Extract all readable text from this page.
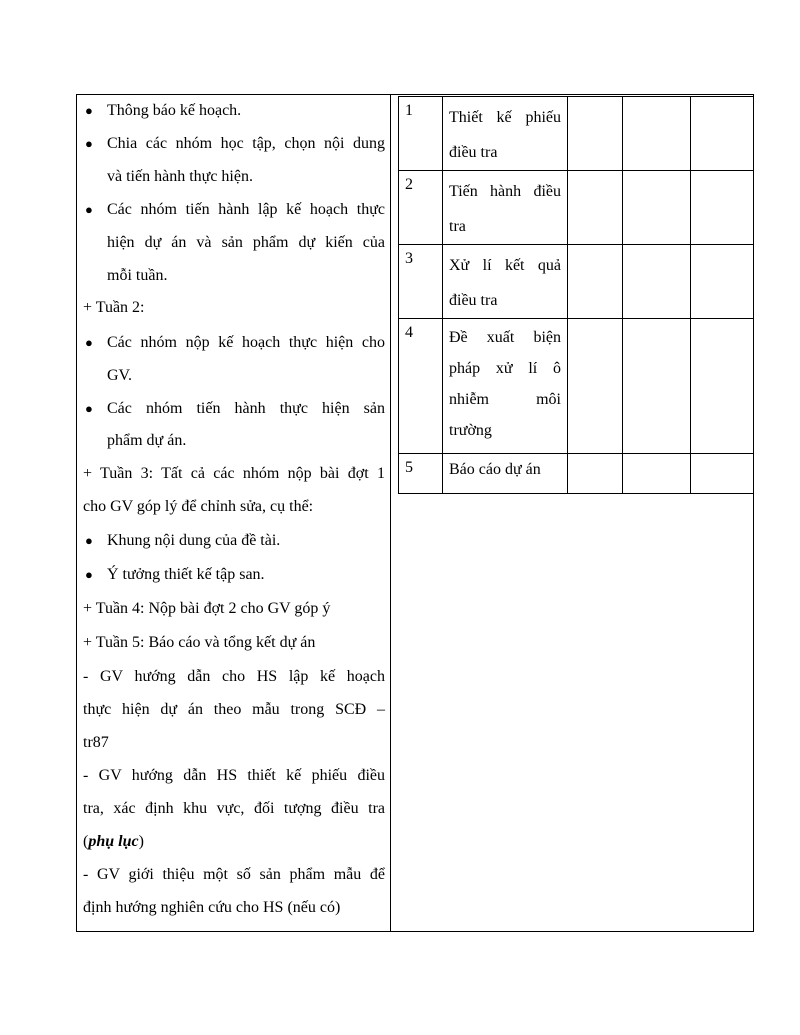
● Thông báo kế hoạch.
● Chia các nhóm học tập, chọn nội dung
và tiến hành thực hiện.
● Các nhóm tiến hành lập kế hoạch thực
hiện dự án và sản phẩm dự kiến của
mỗi tuần.
+ Tuần 2:
● Các nhóm nộp kế hoạch thực hiện cho
GV.
● Các nhóm tiến hành thực hiện sản
phẩm dự án.
+ Tuần 3: Tất cả các nhóm nộp bài đợt 1
cho GV góp lý để chỉnh sửa, cụ thể:
● Khung nội dung của đề tài.
● Ý tưởng thiết kế tập san.
+ Tuần 4: Nộp bài đợt 2 cho GV góp ý
+ Tuần 5: Báo cáo và tổng kết dự án
- GV hướng dẫn cho HS lập kế hoạch
thực hiện dự án theo mẫu trong SCĐ –
tr87
- GV hướng dẫn HS thiết kế phiếu điều
tra, xác định khu vực, đối tượng điều tra
(phụ lục)
- GV giới thiệu một số sản phẩm mẫu để
định hướng nghiên cứu cho HS (nếu có)
1	Thiết kế phiếu
điều tra			

2	Tiến hành điều
tra			

3	Xử lí kết quả
điều tra			

4	Đề xuất biện
pháp xử lí ô
nhiễm môi
trường			

5	Báo cáo dự án			
